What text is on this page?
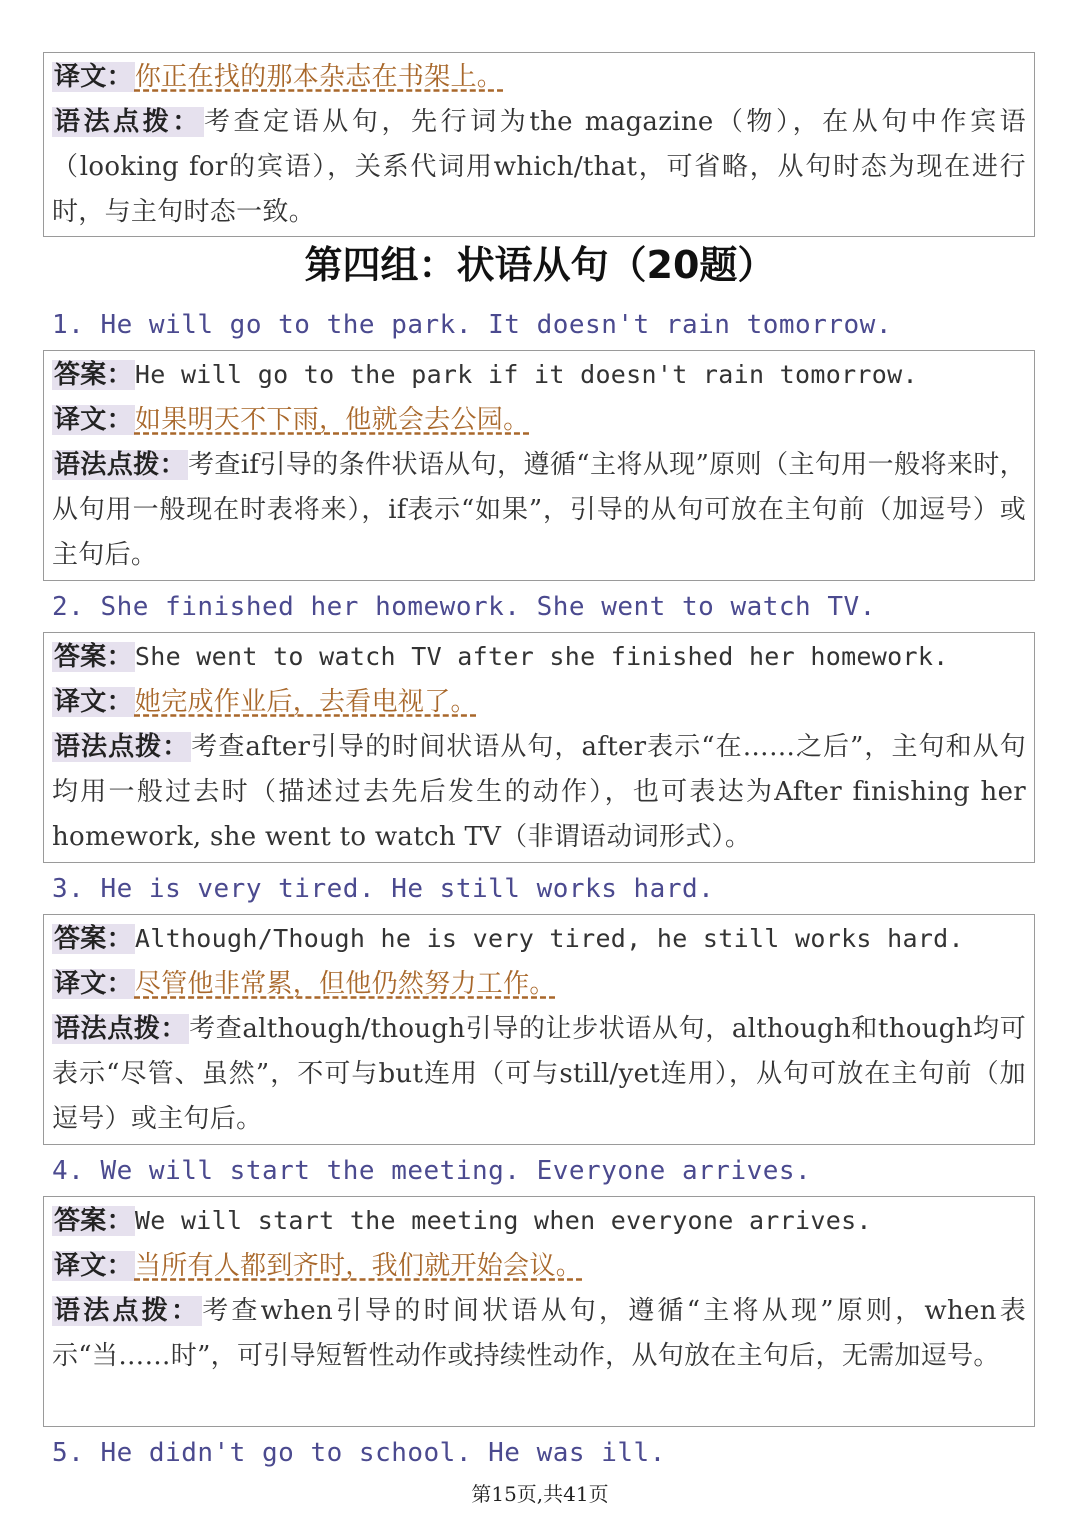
译文：你正在找的那本杂志在书架上。

语法点拨：考查定语从句，先行词为the magazine（物），在从句中作宾语（looking for的宾语），关系代词用which/that，可省略，从句时态为现在进行时，与主句时态一致。

第四组：状语从句（20题）

1. He will go to the park. It doesn't rain tomorrow.

答案：He will go to the park if it doesn't rain tomorrow.

译文：如果明天不下雨，他就会去公园。

语法点拨：考查if引导的条件状语从句，遵循“主将从现”原则（主句用一般将来时，从句用一般现在时表将来），if表示“如果”，引导的从句可放在主句前（加逗号）或主句后。

2. She finished her homework. She went to watch TV.

答案：She went to watch TV after she finished her homework.

译文：她完成作业后，去看电视了。

语法点拨：考查after引导的时间状语从句，after表示“在……之后”，主句和从句均用一般过去时（描述过去先后发生的动作），也可表达为After finishing her homework, she went to watch TV（非谓语动词形式）。

3. He is very tired. He still works hard.

答案：Although/Though he is very tired, he still works hard.

译文：尽管他非常累，但他仍然努力工作。

语法点拨：考查although/though引导的让步状语从句，although和though均可表示“尽管、虽然”，不可与but连用（可与still/yet连用），从句可放在主句前（加逗号）或主句后。

4. We will start the meeting. Everyone arrives.

答案：We will start the meeting when everyone arrives.

译文：当所有人都到齐时，我们就开始会议。

语法点拨：考查when引导的时间状语从句，遵循“主将从现”原则，when表示“当……时”，可引导短暂性动作或持续性动作，从句放在主句后，无需加逗号。

5. He didn't go to school. He was ill.

第15页,共41页
